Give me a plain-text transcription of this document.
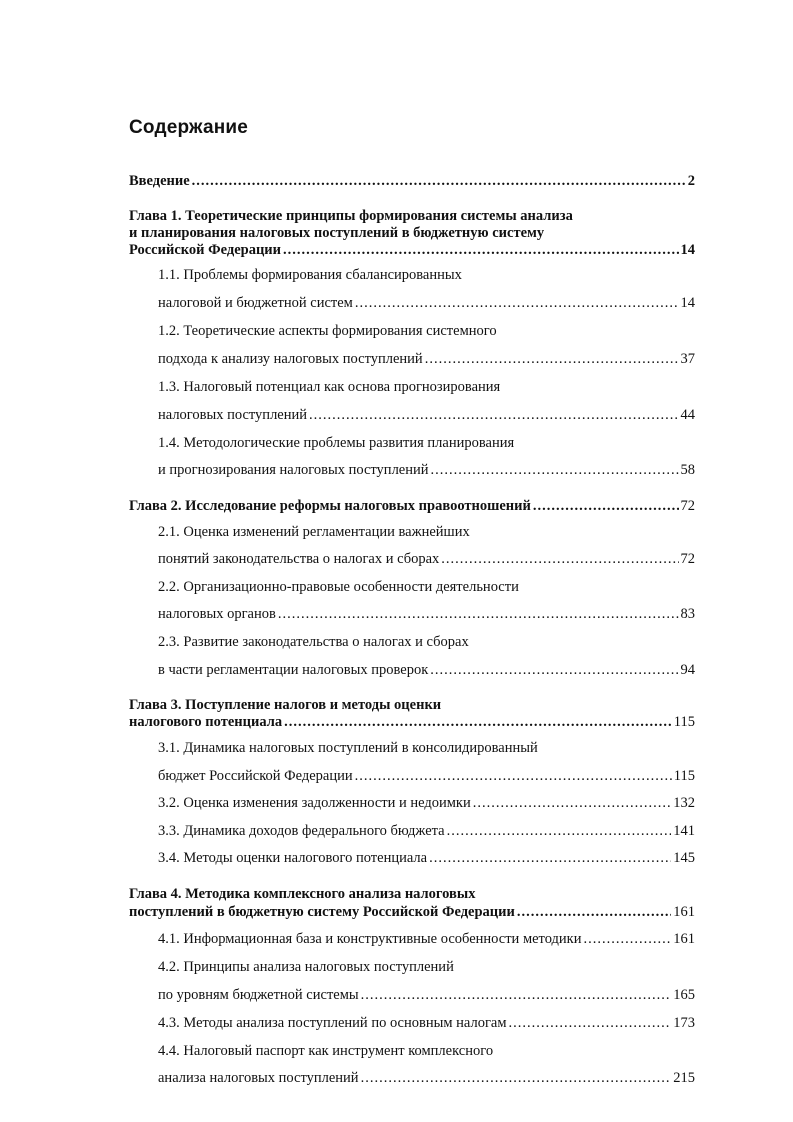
Содержание
Введение .....	2
Глава 1. Теоретические принципы формирования системы анализа
и планирования налоговых поступлений в бюджетную систему
Российской Федерации .....	14
1.1. Проблемы формирования сбалансированных
налоговой и бюджетной систем .....	14
1.2. Теоретические аспекты формирования системного
подхода к анализу налоговых поступлений .....	37
1.3. Налоговый потенциал как основа прогнозирования
налоговых поступлений .....	44
1.4. Методологические проблемы развития планирования
и прогнозирования налоговых поступлений .....	58
Глава 2. Исследование реформы налоговых правоотношений .....	72
2.1. Оценка изменений регламентации важнейших
понятий законодательства о налогах и сборах .....	72
2.2. Организационно-правовые особенности деятельности
налоговых органов .....	83
2.3. Развитие законодательства о налогах и сборах
в части регламентации налоговых проверок .....	94
Глава 3. Поступление налогов и методы оценки
налогового потенциала .....	115
3.1. Динамика налоговых поступлений в консолидированный
бюджет Российской Федерации .....	115
3.2. Оценка изменения задолженности и недоимки .....	132
3.3. Динамика доходов федерального бюджета .....	141
3.4. Методы оценки налогового потенциала .....	145
Глава 4. Методика комплексного анализа налоговых
поступлений в бюджетную систему Российской Федерации .....	161
4.1. Информационная база и конструктивные особенности методики .....	161
4.2. Принципы анализа налоговых поступлений
по уровням бюджетной системы .....	165
4.3. Методы анализа поступлений по основным налогам .....	173
4.4. Налоговый паспорт как инструмент комплексного
анализа налоговых поступлений .....	215
